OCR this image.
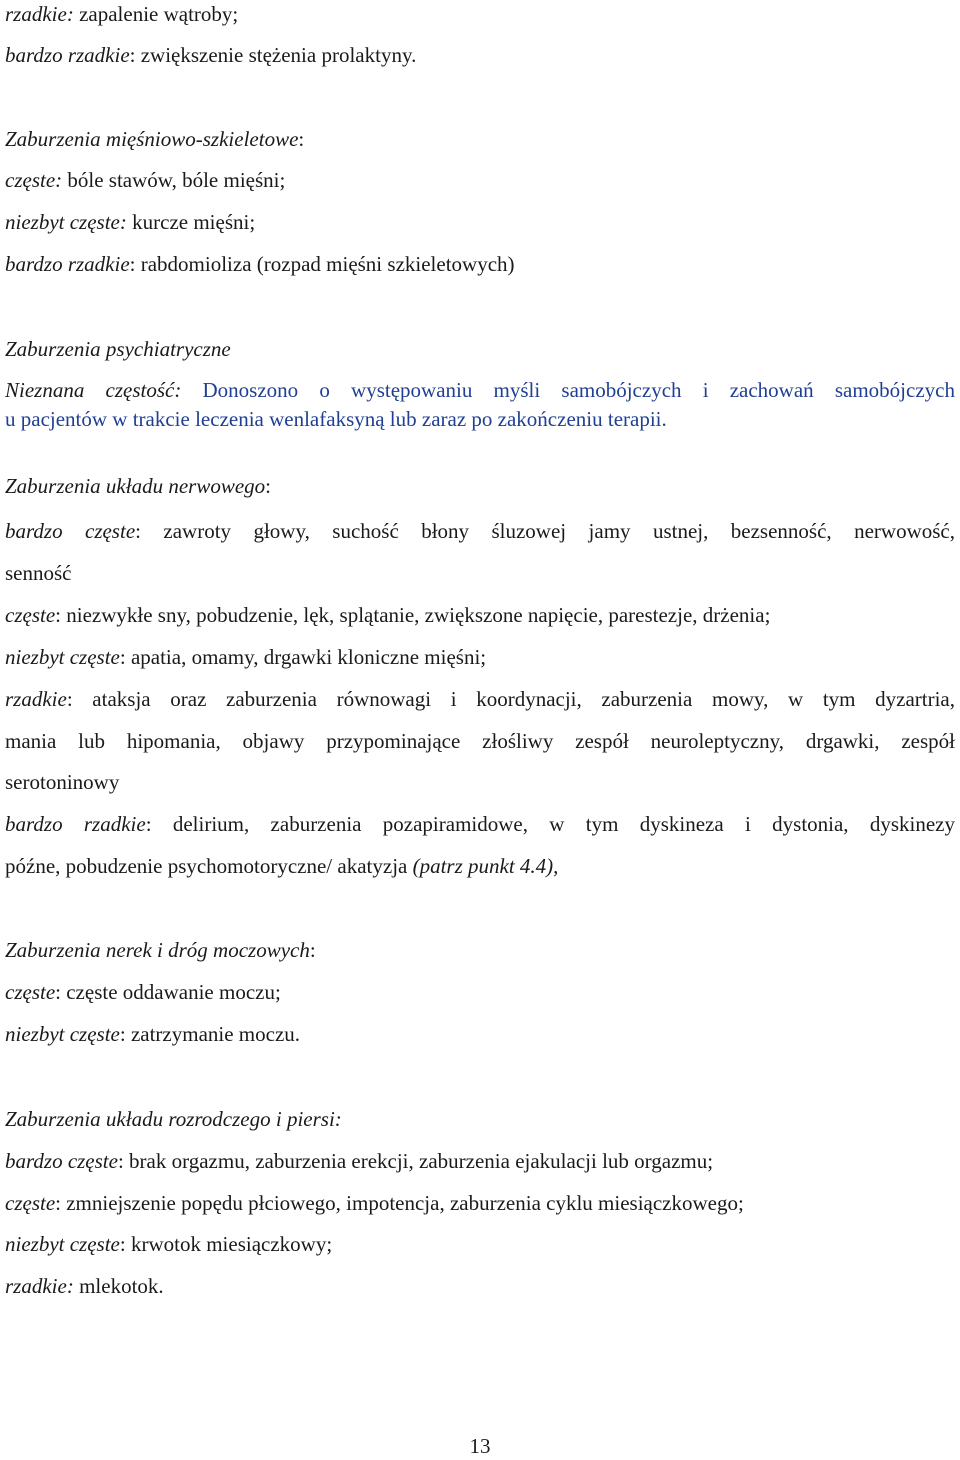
rzadkie: zapalenie wątroby;
bardzo rzadkie: zwiększenie stężenia prolaktyny.
Zaburzenia mięśniowo-szkieletowe:
częste: bóle stawów, bóle mięśni;
niezbyt częste: kurcze mięśni;
bardzo rzadkie: rabdomioliza (rozpad mięśni szkieletowych)
Zaburzenia psychiatryczne
Nieznana częstość: Donoszono o występowaniu myśli samobójczych i zachowań samobójczych
u pacjentów w trakcie leczenia wenlafaksyną lub zaraz po zakończeniu terapii.
Zaburzenia układu nerwowego:
bardzo częste: zawroty głowy, suchość błony śluzowej jamy ustnej, bezsenność, nerwowość,
senność
częste: niezwykłe sny, pobudzenie, lęk, splątanie, zwiększone napięcie, parestezje, drżenia;
niezbyt częste: apatia, omamy, drgawki kloniczne mięśni;
rzadkie: ataksja oraz zaburzenia równowagi i koordynacji, zaburzenia mowy, w tym dyzartria,
mania lub hipomania, objawy przypominające złośliwy zespół neuroleptyczny, drgawki, zespół
serotoninowy
bardzo rzadkie: delirium, zaburzenia pozapiramidowe, w tym dyskineza i dystonia, dyskinezy
późne, pobudzenie psychomotoryczne/ akatyzja (patrz punkt 4.4),
Zaburzenia nerek i dróg moczowych:
częste: częste oddawanie moczu;
niezbyt częste: zatrzymanie moczu.
Zaburzenia układu rozrodczego i piersi:
bardzo częste: brak orgazmu, zaburzenia erekcji, zaburzenia ejakulacji lub orgazmu;
częste: zmniejszenie popędu płciowego, impotencja, zaburzenia cyklu miesiączkowego;
niezbyt częste: krwotok miesiączkowy;
rzadkie: mlekotok.
13
